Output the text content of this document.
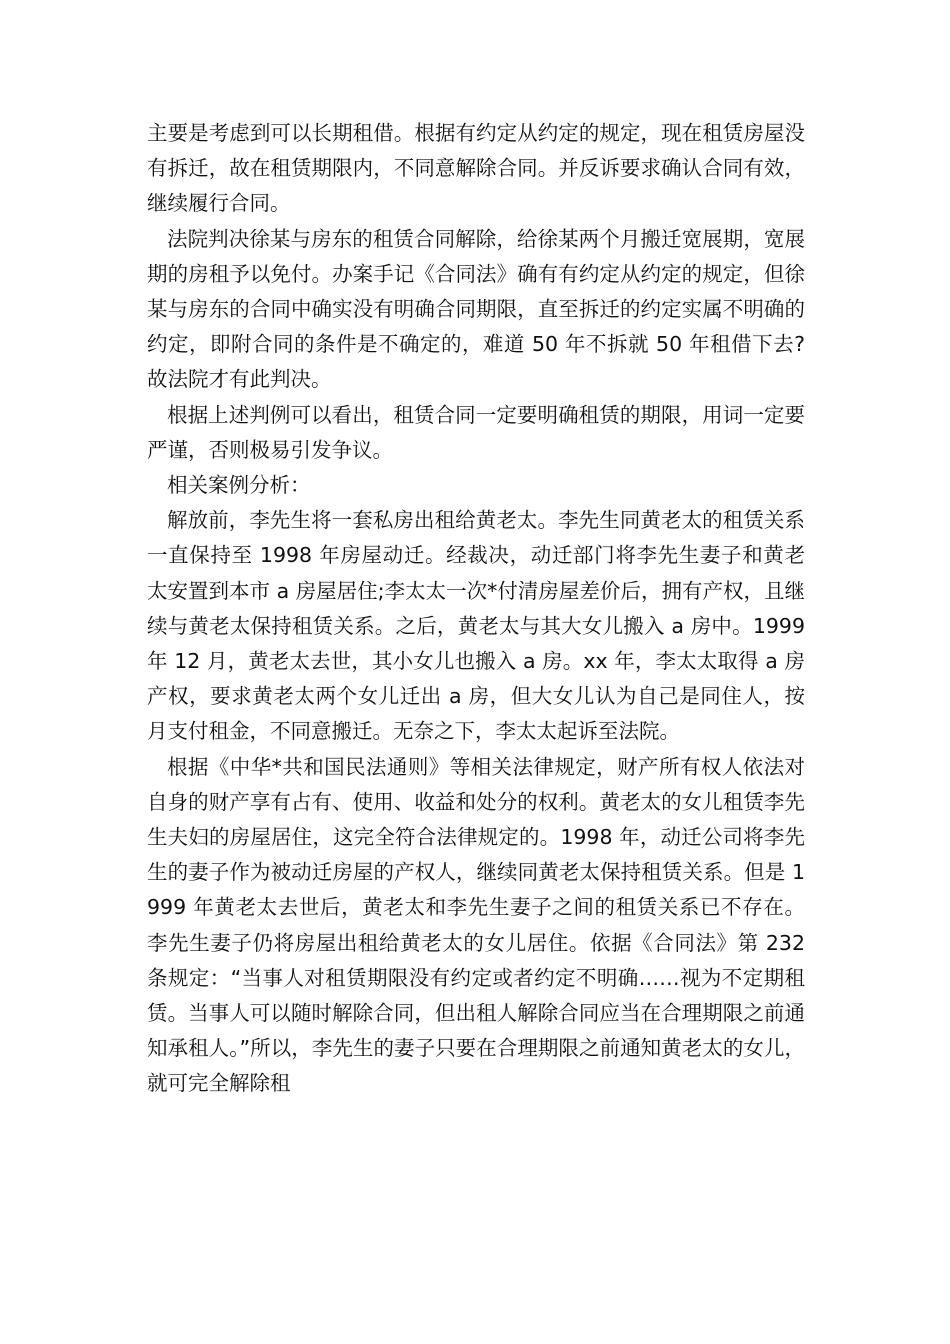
主要是考虑到可以长期租借。根据有约定从约定的规定，现在租赁房屋没有拆迁，故在租赁期限内，不同意解除合同。并反诉要求确认合同有效，继续履行合同。

法院判决徐某与房东的租赁合同解除，给徐某两个月搬迁宽展期，宽展期的房租予以免付。办案手记《合同法》确有有约定从约定的规定，但徐某与房东的合同中确实没有明确合同期限，直至拆迁的约定实属不明确的约定，即附合同的条件是不确定的，难道 50 年不拆就 50 年租借下去?故法院才有此判决。

根据上述判例可以看出，租赁合同一定要明确租赁的期限，用词一定要严谨，否则极易引发争议。

相关案例分析：

解放前，李先生将一套私房出租给黄老太。李先生同黄老太的租赁关系一直保持至 1998 年房屋动迁。经裁决，动迁部门将李先生妻子和黄老太安置到本市 a 房屋居住;李太太一次*付清房屋差价后，拥有产权，且继续与黄老太保持租赁关系。之后，黄老太与其大女儿搬入 a 房中。1999 年 12 月，黄老太去世，其小女儿也搬入 a 房。xx 年，李太太取得 a 房产权，要求黄老太两个女儿迁出 a 房，但大女儿认为自己是同住人，按月支付租金，不同意搬迁。无奈之下，李太太起诉至法院。

根据《中华*共和国民法通则》等相关法律规定，财产所有权人依法对自身的财产享有占有、使用、收益和处分的权利。黄老太的女儿租赁李先生夫妇的房屋居住，这完全符合法律规定的。1998 年，动迁公司将李先生的妻子作为被动迁房屋的产权人，继续同黄老太保持租赁关系。但是 1999 年黄老太去世后，黄老太和李先生妻子之间的租赁关系已不存在。李先生妻子仍将房屋出租给黄老太的女儿居住。依据《合同法》第 232 条规定：“当事人对租赁期限没有约定或者约定不明确……视为不定期租赁。当事人可以随时解除合同，但出租人解除合同应当在合理期限之前通知承租人。”所以，李先生的妻子只要在合理期限之前通知黄老太的女儿，就可完全解除租
